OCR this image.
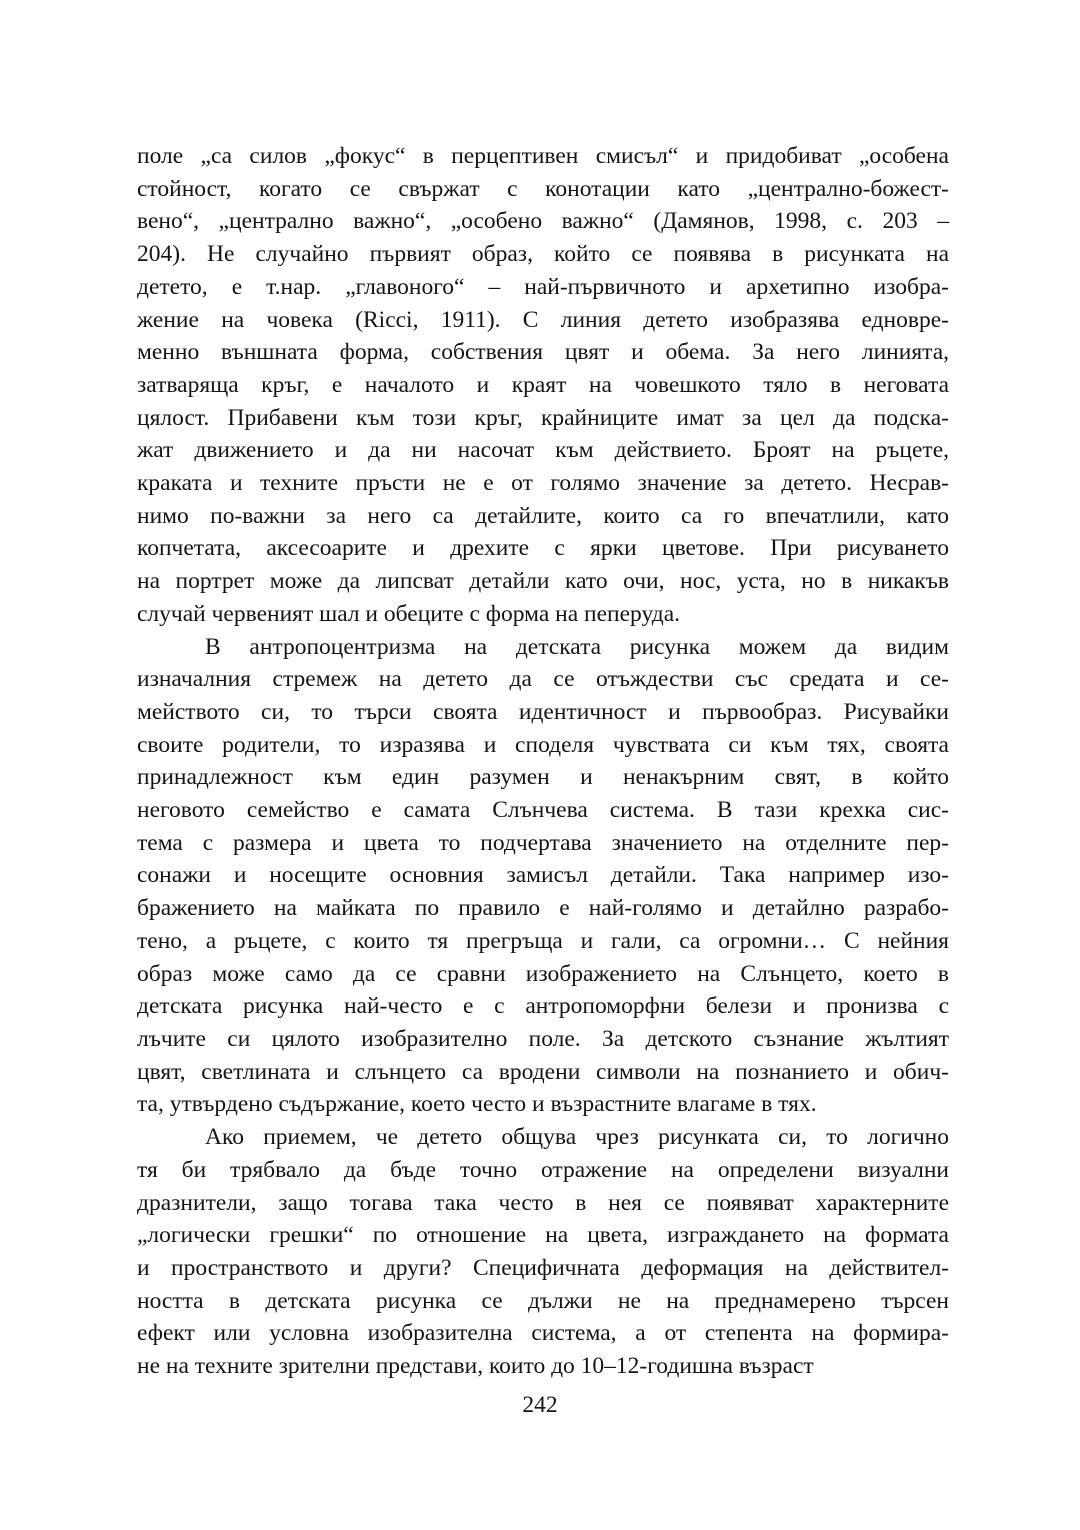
поле „са силов „фокус“ в перцептивен смисъл“ и придобиват „особена
стойност, когато се свържат с конотации като „централно-божест-
вено“, „централно важно“, „особено важно“ (Дамянов, 1998, с. 203 –
204). Не случайно първият образ, който се появява в рисунката на
детето, е т.нар. „главоного“ – най-първичното и архетипно изобра-
жение на човека (Ricci, 1911). С линия детето изобразява едновре-
менно външната форма, собствения цвят и обема. За него линията,
затваряща кръг, е началото и краят на човешкото тяло в неговата
цялост. Прибавени към този кръг, крайниците имат за цел да подска-
жат движението и да ни насочат към действието. Броят на ръцете,
краката и техните пръсти не е от голямо значение за детето. Несрав-
нимо по-важни за него са детайлите, които са го впечатлили, като
копчетата, аксесоарите и дрехите с ярки цветове. При рисуването
на портрет може да липсват детайли като очи, нос, уста, но в никакъв
случай червеният шал и обеците с форма на пеперуда.
В антропоцентризма на детската рисунка можем да видим
изначалния стремеж на детето да се отъждестви със средата и се-
мейството си, то търси своята идентичност и първообраз. Рисувайки
своите родители, то изразява и споделя чувствата си към тях, своята
принадлежност към един разумен и ненакърним свят, в който
неговото семейство е самата Слънчева система. В тази крехка сис-
тема с размера и цвета то подчертава значението на отделните пер-
сонажи и носещите основния замисъл детайли. Така например изо-
бражението на майката по правило е най-голямо и детайлно разрабо-
тено, а ръцете, с които тя прегръща и гали, са огромни… С нейния
образ може само да се сравни изображението на Слънцето, което в
детската рисунка най-често е с антропоморфни белези и пронизва с
лъчите си цялото изобразително поле. За детското съзнание жълтият
цвят, светлината и слънцето са вродени символи на познанието и обич-
та, утвърдено съдържание, което често и възрастните влагаме в тях.
Ако приемем, че детето общува чрез рисунката си, то логично
тя би трябвало да бъде точно отражение на определени визуални
дразнители, защо тогава така често в нея се появяват характерните
„логически грешки“ по отношение на цвета, изграждането на формата
и пространството и други? Специфичната деформация на действител-
ността в детската рисунка се дължи не на преднамерено търсен
ефект или условна изобразителна система, а от степента на формира-
не на техните зрителни представи, които до 10–12-годишна възраст
242
